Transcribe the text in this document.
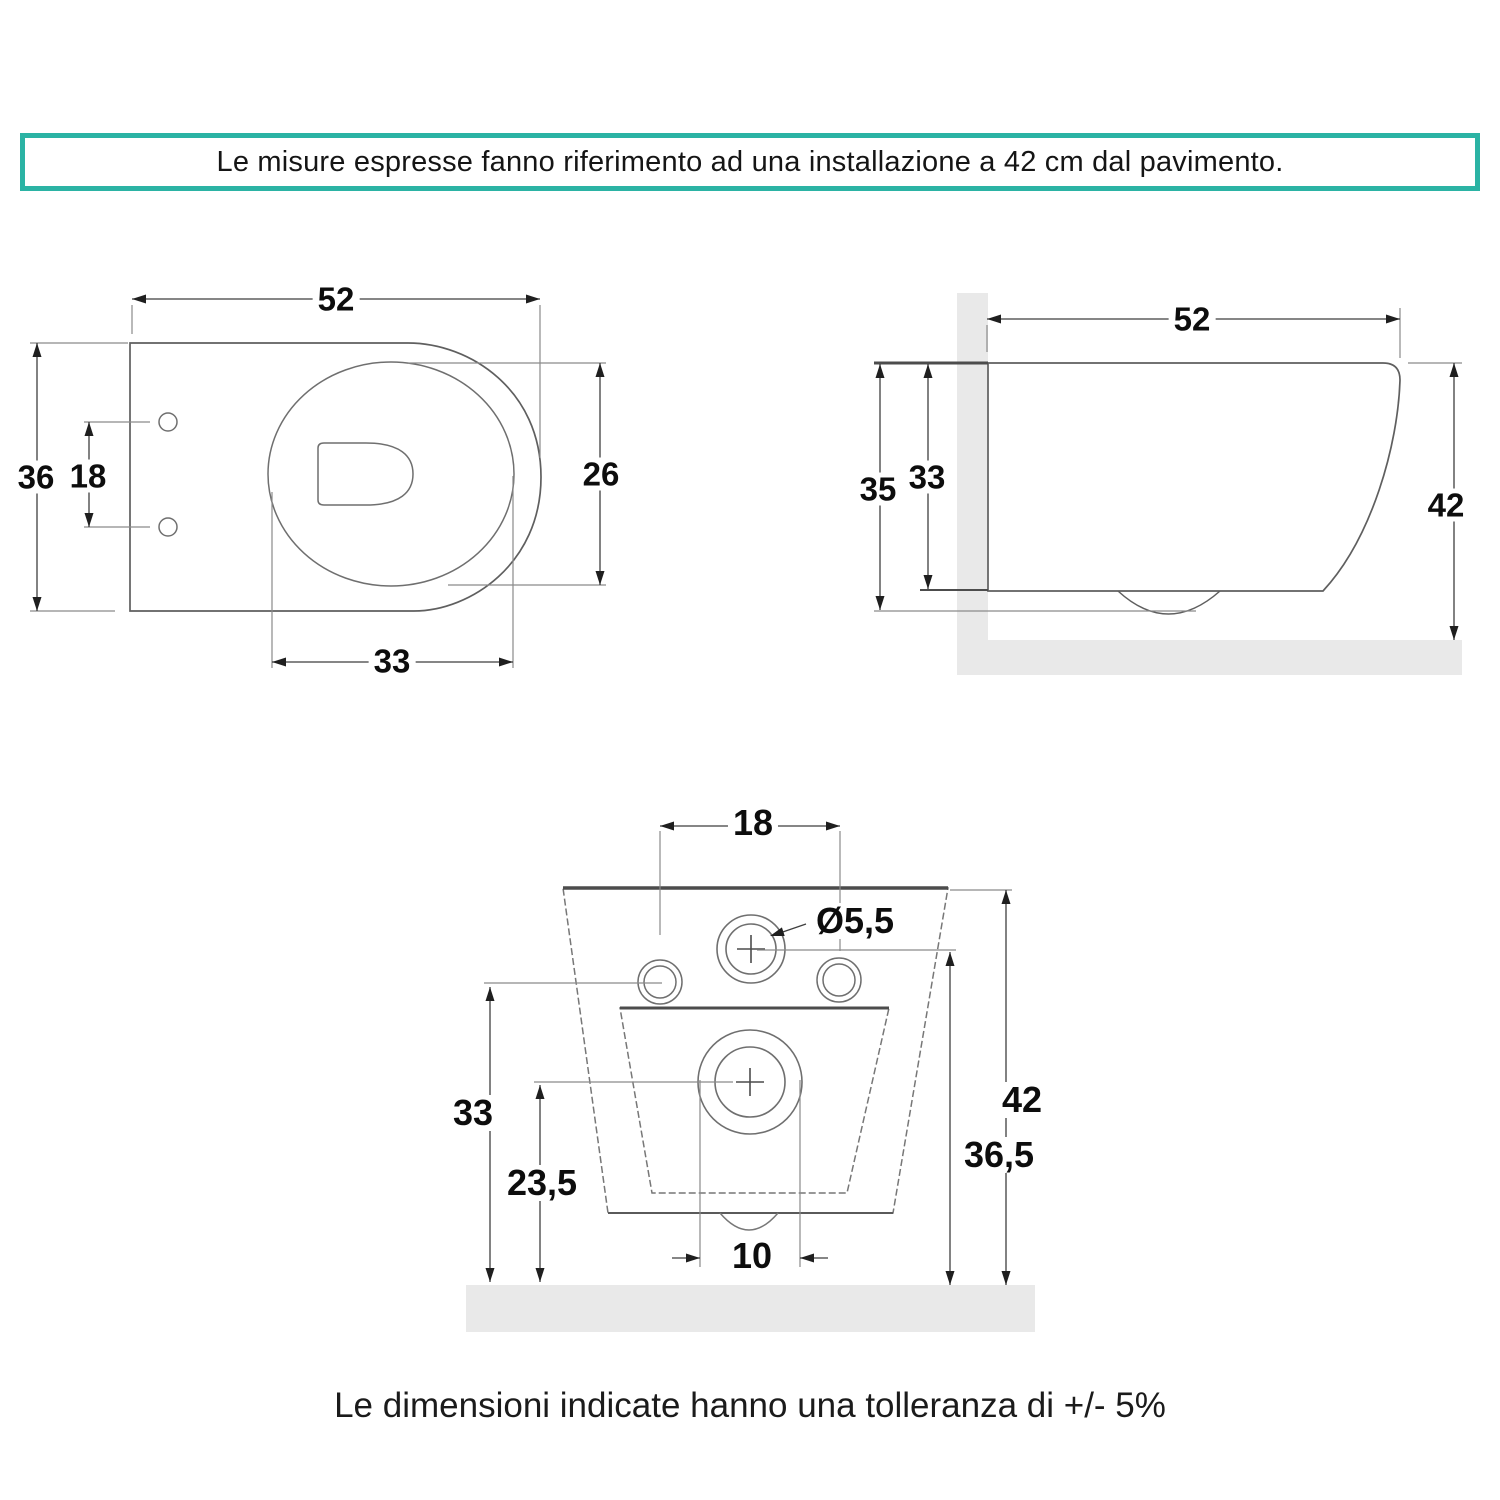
Le misure espresse fanno riferimento ad una installazione a 42 cm dal pavimento.
52
36 18	26
33
52
35 33
42
18
Ø5,5
33
23,5
10
42
36,5
Le dimensioni indicate hanno una tolleranza di +/- 5%
